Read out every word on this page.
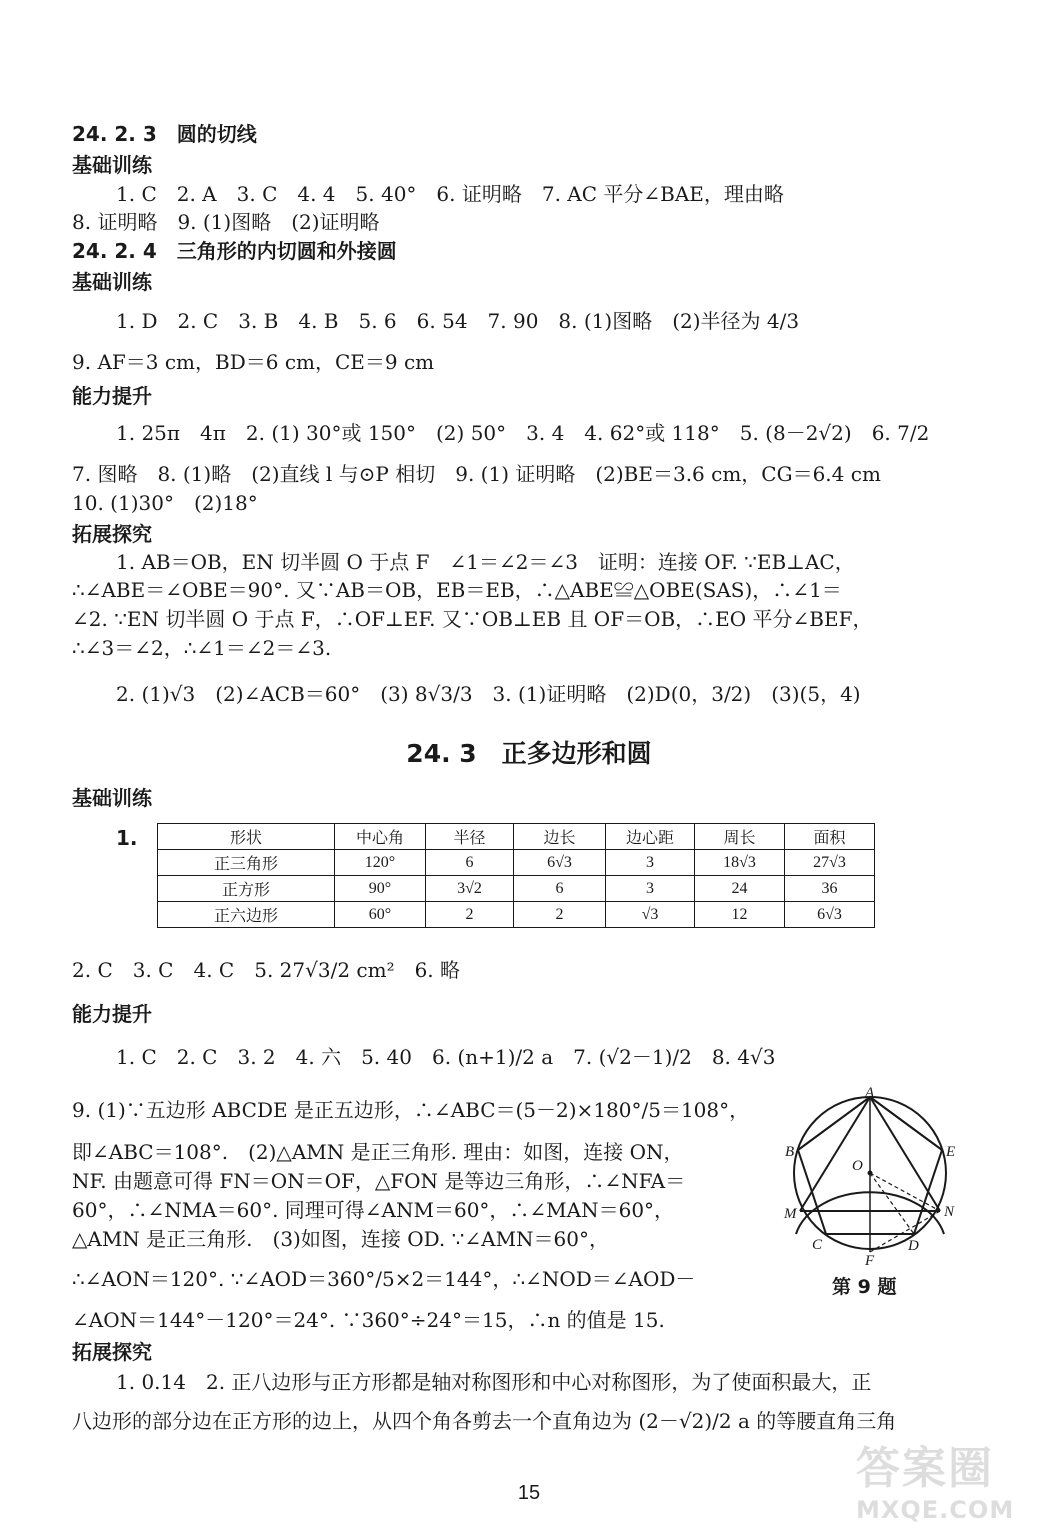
24. 2. 3　圆的切线
基础训练
1. C　2. A　3. C　4. 4　5. 40°　6. 证明略　7. AC 平分∠BAE，理由略
8. 证明略　9. (1)图略　(2)证明略
24. 2. 4　三角形的内切圆和外接圆
基础训练
1. D　2. C　3. B　4. B　5. 6　6. 54　7. 90　8. (1)图略　(2)半径为 4/3
9. AF＝3 cm，BD＝6 cm，CE＝9 cm
能力提升
1. 25π　4π　2. (1) 30°或 150°　(2) 50°　3. 4　4. 62°或 118°　5. (8－2√2)　6. 7/2
7. 图略　8. (1)略　(2)直线 l 与⊙P 相切　9. (1) 证明略　(2)BE＝3.6 cm，CG＝6.4 cm
10. (1)30°　(2)18°
拓展探究
1. AB＝OB，EN 切半圆 O 于点 F　∠1＝∠2＝∠3　证明：连接 OF. ∵EB⊥AC，
∴∠ABE＝∠OBE＝90°. 又∵AB＝OB，EB＝EB，∴△ABE≌△OBE(SAS)，∴∠1＝
∠2. ∵EN 切半圆 O 于点 F，∴OF⊥EF. 又∵OB⊥EB 且 OF＝OB，∴EO 平分∠BEF，
∴∠3＝∠2，∴∠1＝∠2＝∠3.
2. (1)√3　(2)∠ACB＝60°　(3) 8√3/3　3. (1)证明略　(2)D(0，3/2)　(3)(5，4)
24. 3　正多边形和圆
基础训练
1.	形状	中心角	半径	边长	边心距	周长	面积
正三角形	120°	6	6√3	3	18√3	27√3
正方形	90°	3√2	6	3	24	36
正六边形	60°	2	2	√3	12	6√3
2. C　3. C　4. C　5. 27√3/2 cm²　6. 略
能力提升
1. C　2. C　3. 2　4. 六　5. 40　6. (n+1)/2 a　7. (√2－1)/2　8. 4√3
9. (1)∵五边形 ABCDE 是正五边形，∴∠ABC＝(5－2)×180°/5＝108°，
即∠ABC＝108°.　(2)△AMN 是正三角形. 理由：如图，连接 ON，
NF. 由题意可得 FN＝ON＝OF，△FON 是等边三角形，∴∠NFA＝
60°，∴∠NMA＝60°. 同理可得∠ANM＝60°，∴∠MAN＝60°，
△AMN 是正三角形.　(3)如图，连接 OD. ∵∠AMN＝60°，
∴∠AON＝120°. ∵∠AOD＝360°/5×2＝144°，∴∠NOD＝∠AOD－
∠AON＝144°－120°＝24°. ∵360°÷24°＝15，∴n 的值是 15.
A
B	E
O
M	N
C	D
F
第 9 题
拓展探究
1. 0.14　2. 正八边形与正方形都是轴对称图形和中心对称图形，为了使面积最大，正
八边形的部分边在正方形的边上，从四个角各剪去一个直角边为 (2－√2)/2 a 的等腰直角三角
15	答案圈
MXQE.COM
